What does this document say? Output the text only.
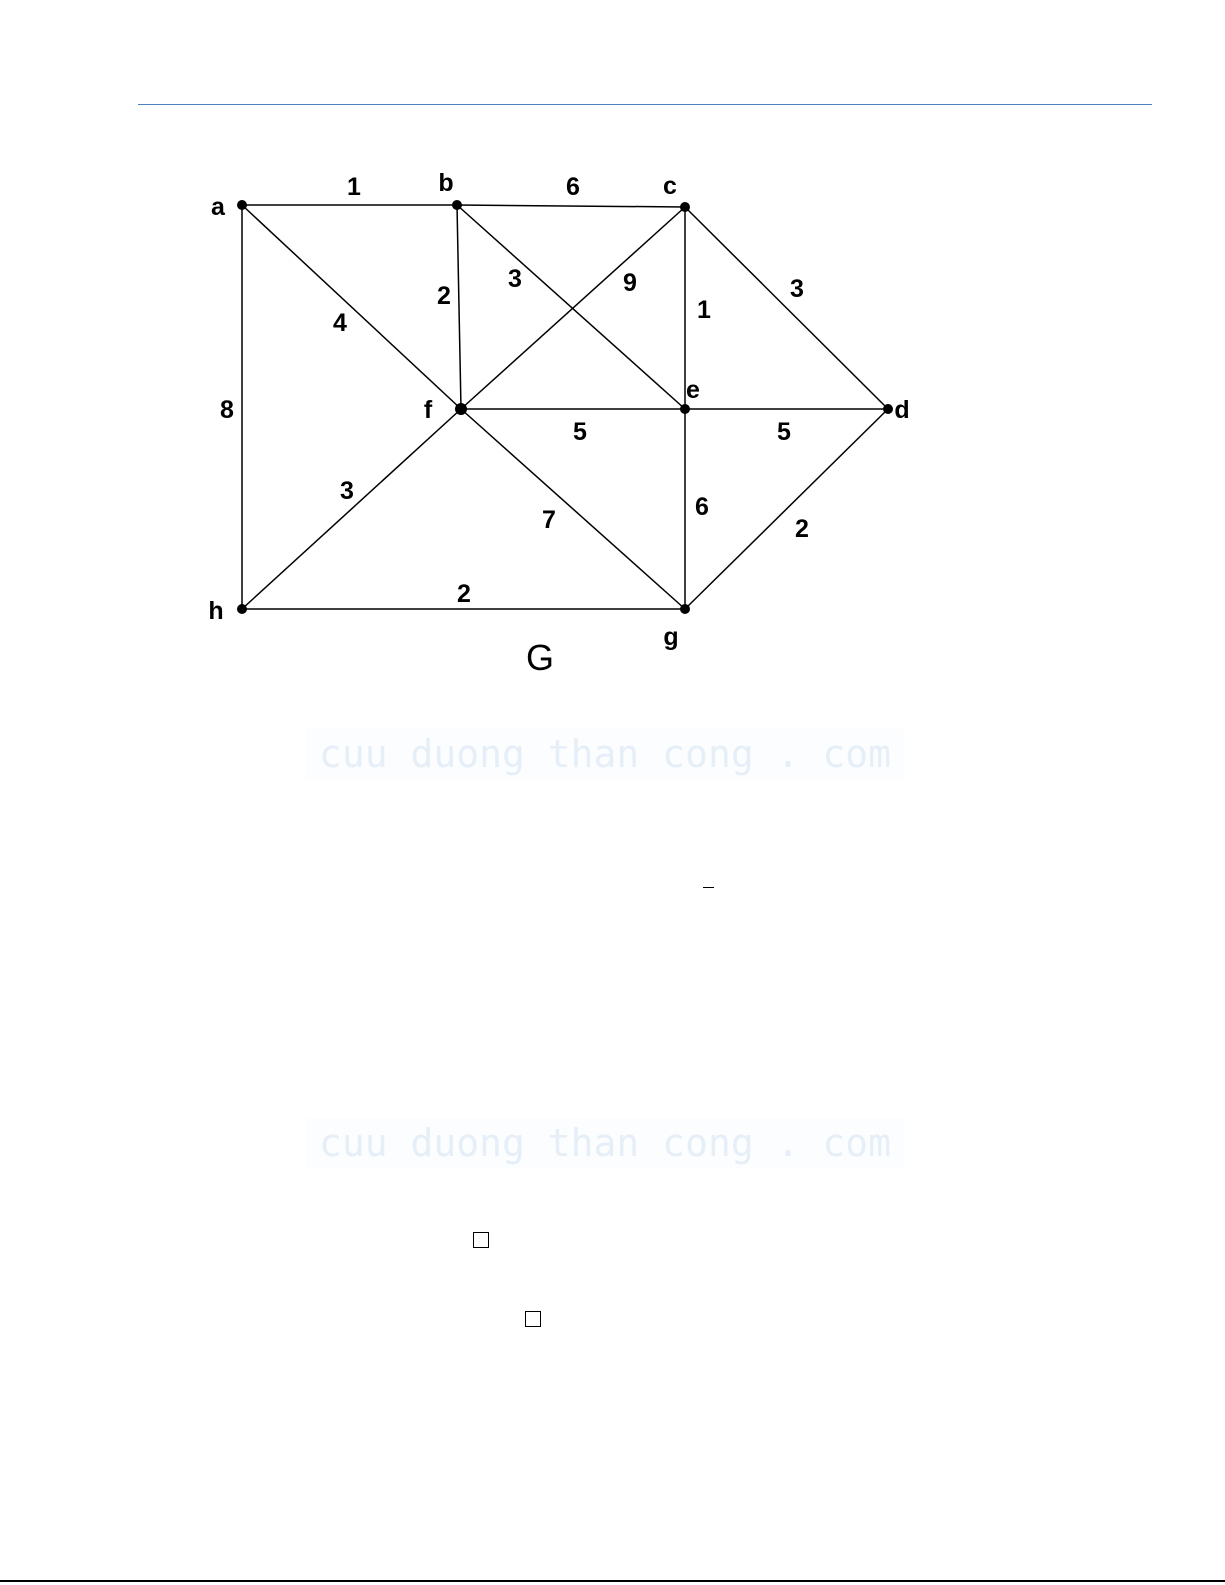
1	6
4
8
2
3	9
1
3
5	5
3
7	6
2
2
a
b	c
d
e
f
g
h
G
cuu duong than cong . com
cuu duong than cong . com
